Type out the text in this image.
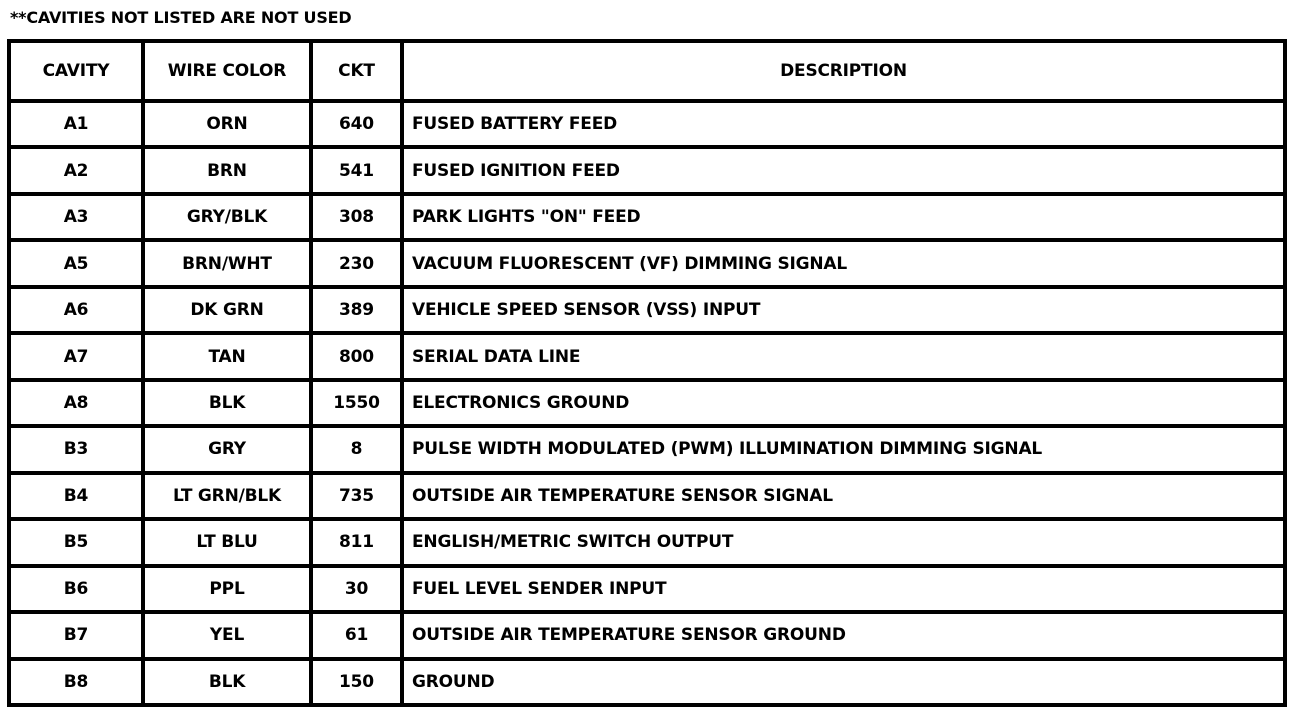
**CAVITIES NOT LISTED ARE NOT USED
CAVITY	WIRE COLOR	CKT	DESCRIPTION
A1	ORN	640	FUSED BATTERY FEED
A2	BRN	541	FUSED IGNITION FEED
A3	GRY/BLK	308	PARK LIGHTS "ON" FEED
A5	BRN/WHT	230	VACUUM FLUORESCENT (VF) DIMMING SIGNAL
A6	DK GRN	389	VEHICLE SPEED SENSOR (VSS) INPUT
A7	TAN	800	SERIAL DATA LINE
A8	BLK	1550	ELECTRONICS GROUND
B3	GRY	8	PULSE WIDTH MODULATED (PWM) ILLUMINATION DIMMING SIGNAL
B4	LT GRN/BLK	735	OUTSIDE AIR TEMPERATURE SENSOR SIGNAL
B5	LT BLU	811	ENGLISH/METRIC SWITCH OUTPUT
B6	PPL	30	FUEL LEVEL SENDER INPUT
B7	YEL	61	OUTSIDE AIR TEMPERATURE SENSOR GROUND
B8	BLK	150	GROUND
